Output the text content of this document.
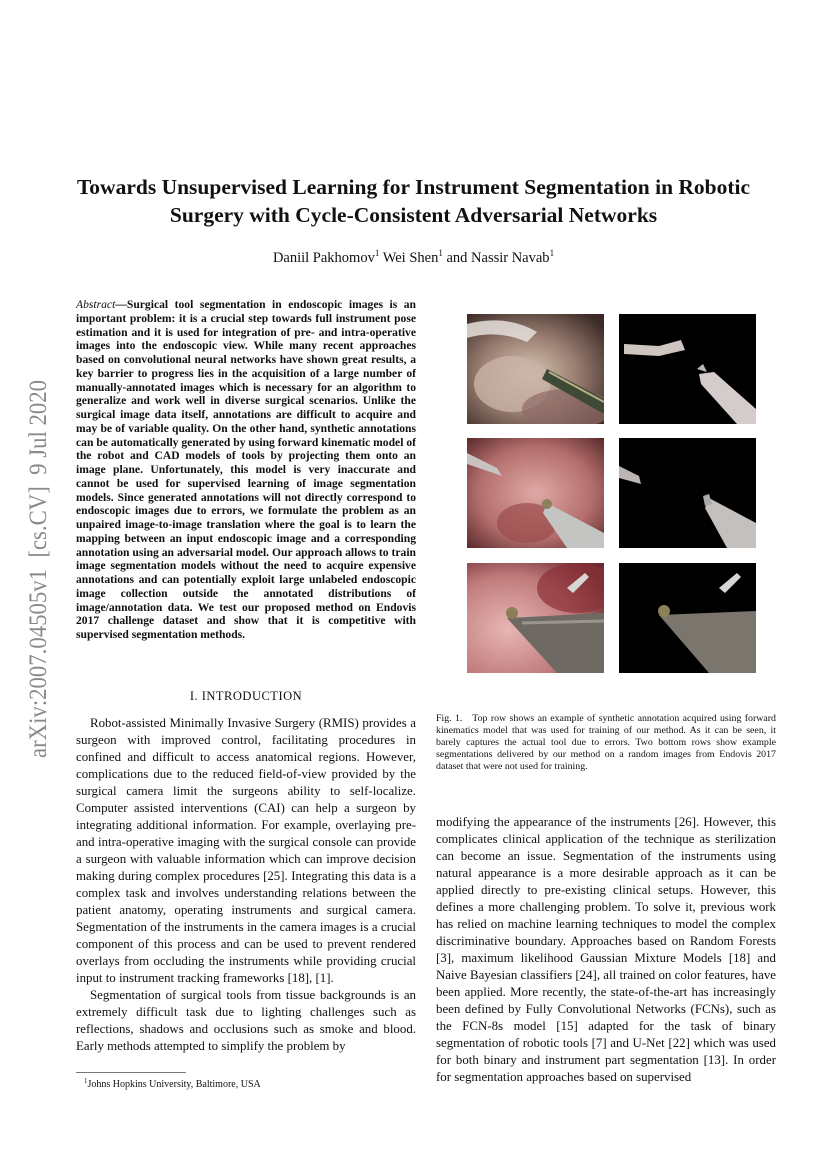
arXiv:2007.04505v1  [cs.CV]  9 Jul 2020
Towards Unsupervised Learning for Instrument Segmentation in Robotic Surgery with Cycle-Consistent Adversarial Networks
Daniil Pakhomov$^1$ Wei Shen$^1$ and Nassir Navab$^1$
Abstract—Surgical tool segmentation in endoscopic images is an important problem: it is a crucial step towards full instrument pose estimation and it is used for integration of pre- and intra-operative images into the endoscopic view. While many recent approaches based on convolutional neural networks have shown great results, a key barrier to progress lies in the acquisition of a large number of manually-annotated images which is necessary for an algorithm to generalize and work well in diverse surgical scenarios. Unlike the surgical image data itself, annotations are difficult to acquire and may be of variable quality. On the other hand, synthetic annotations can be automatically generated by using forward kinematic model of the robot and CAD models of tools by projecting them onto an image plane. Unfortunately, this model is very inaccurate and cannot be used for supervised learning of image segmentation models. Since generated annotations will not directly correspond to endoscopic images due to errors, we formulate the problem as an unpaired image-to-image translation where the goal is to learn the mapping between an input endoscopic image and a corresponding annotation using an adversarial model. Our approach allows to train image segmentation models without the need to acquire expensive annotations and can potentially exploit large unlabeled endoscopic image collection outside the annotated distributions of image/annotation data. We test our proposed method on Endovis 2017 challenge dataset and show that it is competitive with supervised segmentation methods.
I. INTRODUCTION

Robot-assisted Minimally Invasive Surgery (RMIS) provides a surgeon with improved control, facilitating procedures in confined and difficult to access anatomical regions. However, complications due to the reduced field-of-view provided by the surgical camera limit the surgeons ability to self-localize. Computer assisted interventions (CAI) can help a surgeon by integrating additional information. For example, overlaying pre- and intra-operative imaging with the surgical console can provide a surgeon with valuable information which can improve decision making during complex procedures [25]. Integrating this data is a complex task and involves understanding relations between the patient anatomy, operating instruments and surgical camera. Segmentation of the instruments in the camera images is a crucial component of this process and can be used to prevent rendered overlays from occluding the instruments while providing crucial input to instrument tracking frameworks [18], [1].

Segmentation of surgical tools from tissue backgrounds is an extremely difficult task due to lighting challenges such as reflections, shadows and occlusions such as smoke and blood. Early methods attempted to simplify the problem by

$^1$Johns Hopkins University, Baltimore, USA
Fig. 1.   Top row shows an example of synthetic annotation acquired using forward kinematics model that was used for training of our method. As it can be seen, it barely captures the actual tool due to errors. Two bottom rows show example segmentations delivered by our method on a random images from Endovis 2017 dataset that were not used for training.

modifying the appearance of the instruments [26]. However, this complicates clinical application of the technique as sterilization can become an issue. Segmentation of the instruments using natural appearance is a more desirable approach as it can be applied directly to pre-existing clinical setups. However, this defines a more challenging problem. To solve it, previous work has relied on machine learning techniques to model the complex discriminative boundary. Approaches based on Random Forests [3], maximum likelihood Gaussian Mixture Models [18] and Naive Bayesian classifiers [24], all trained on color features, have been applied. More recently, the state-of-the-art has increasingly been defined by Fully Convolutional Networks (FCNs), such as the FCN-8s model [15] adapted for the task of binary segmentation of robotic tools [7] and U-Net [22] which was used for both binary and instrument part segmentation [13]. In order for segmentation approaches based on supervised
